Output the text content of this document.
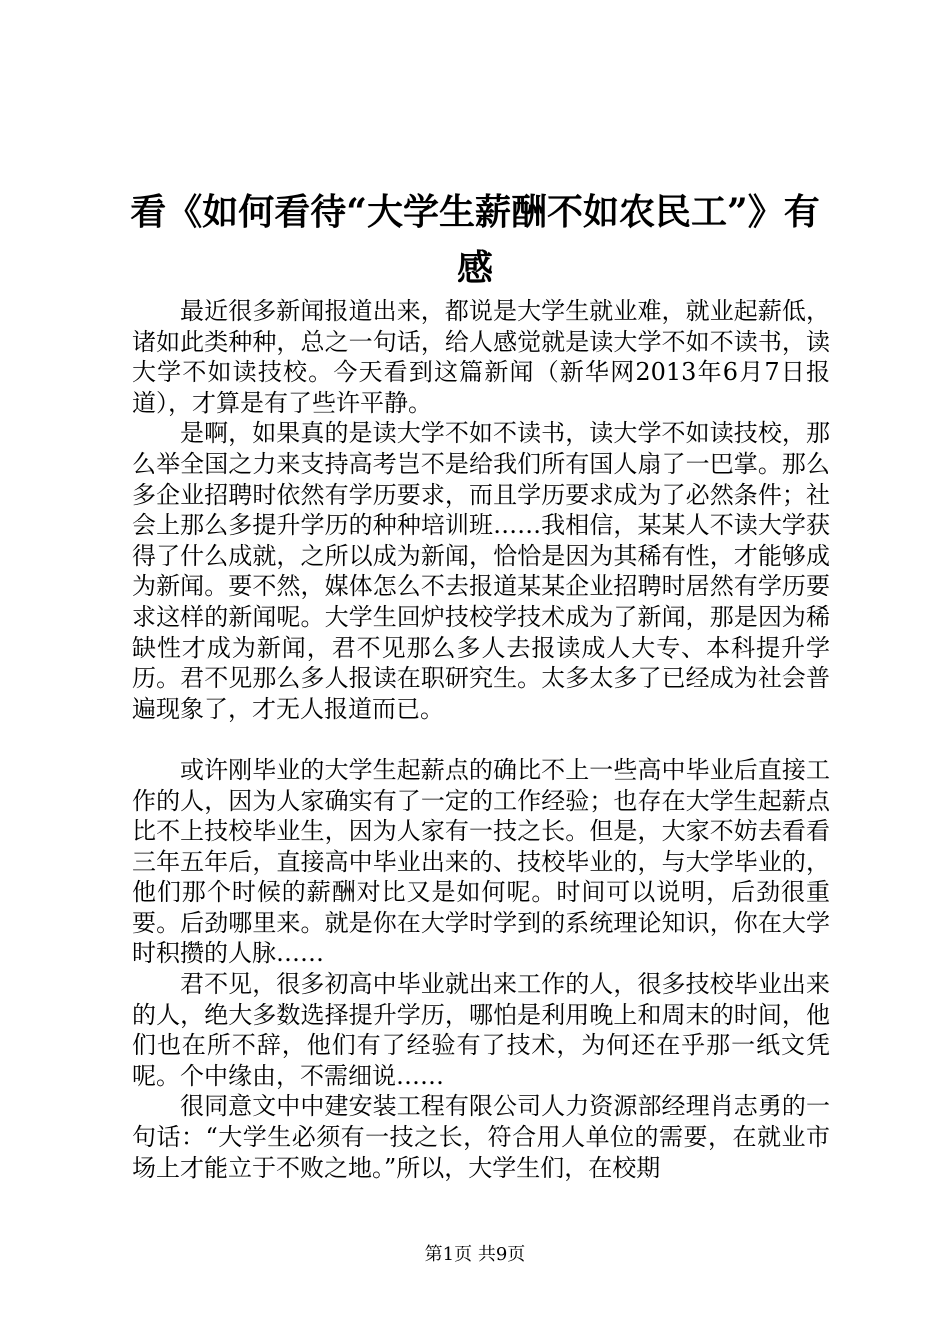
看《如何看待“大学生薪酬不如农民工”》有感

最近很多新闻报道出来，都说是大学生就业难，就业起薪低，诸如此类种种，总之一句话，给人感觉就是读大学不如不读书，读大学不如读技校。今天看到这篇新闻（新华网2013年6月7日报道），才算是有了些许平静。

是啊，如果真的是读大学不如不读书，读大学不如读技校，那么举全国之力来支持高考岂不是给我们所有国人扇了一巴掌。那么多企业招聘时依然有学历要求，而且学历要求成为了必然条件；社会上那么多提升学历的种种培训班……我相信，某某人不读大学获得了什么成就，之所以成为新闻，恰恰是因为其稀有性，才能够成为新闻。要不然，媒体怎么不去报道某某企业招聘时居然有学历要求这样的新闻呢。大学生回炉技校学技术成为了新闻，那是因为稀缺性才成为新闻，君不见那么多人去报读成人大专、本科提升学历。君不见那么多人报读在职研究生。太多太多了已经成为社会普遍现象了，才无人报道而已。

或许刚毕业的大学生起薪点的确比不上一些高中毕业后直接工作的人，因为人家确实有了一定的工作经验；也存在大学生起薪点比不上技校毕业生，因为人家有一技之长。但是，大家不妨去看看三年五年后，直接高中毕业出来的、技校毕业的，与大学毕业的，他们那个时候的薪酬对比又是如何呢。时间可以说明，后劲很重要。后劲哪里来。就是你在大学时学到的系统理论知识，你在大学时积攒的人脉……

君不见，很多初高中毕业就出来工作的人，很多技校毕业出来的人，绝大多数选择提升学历，哪怕是利用晚上和周末的时间，他们也在所不辞，他们有了经验有了技术，为何还在乎那一纸文凭呢。个中缘由，不需细说……

很同意文中中建安装工程有限公司人力资源部经理肖志勇的一句话：“大学生必须有一技之长，符合用人单位的需要，在就业市场上才能立于不败之地。”所以，大学生们，在校期

第1页 共9页
